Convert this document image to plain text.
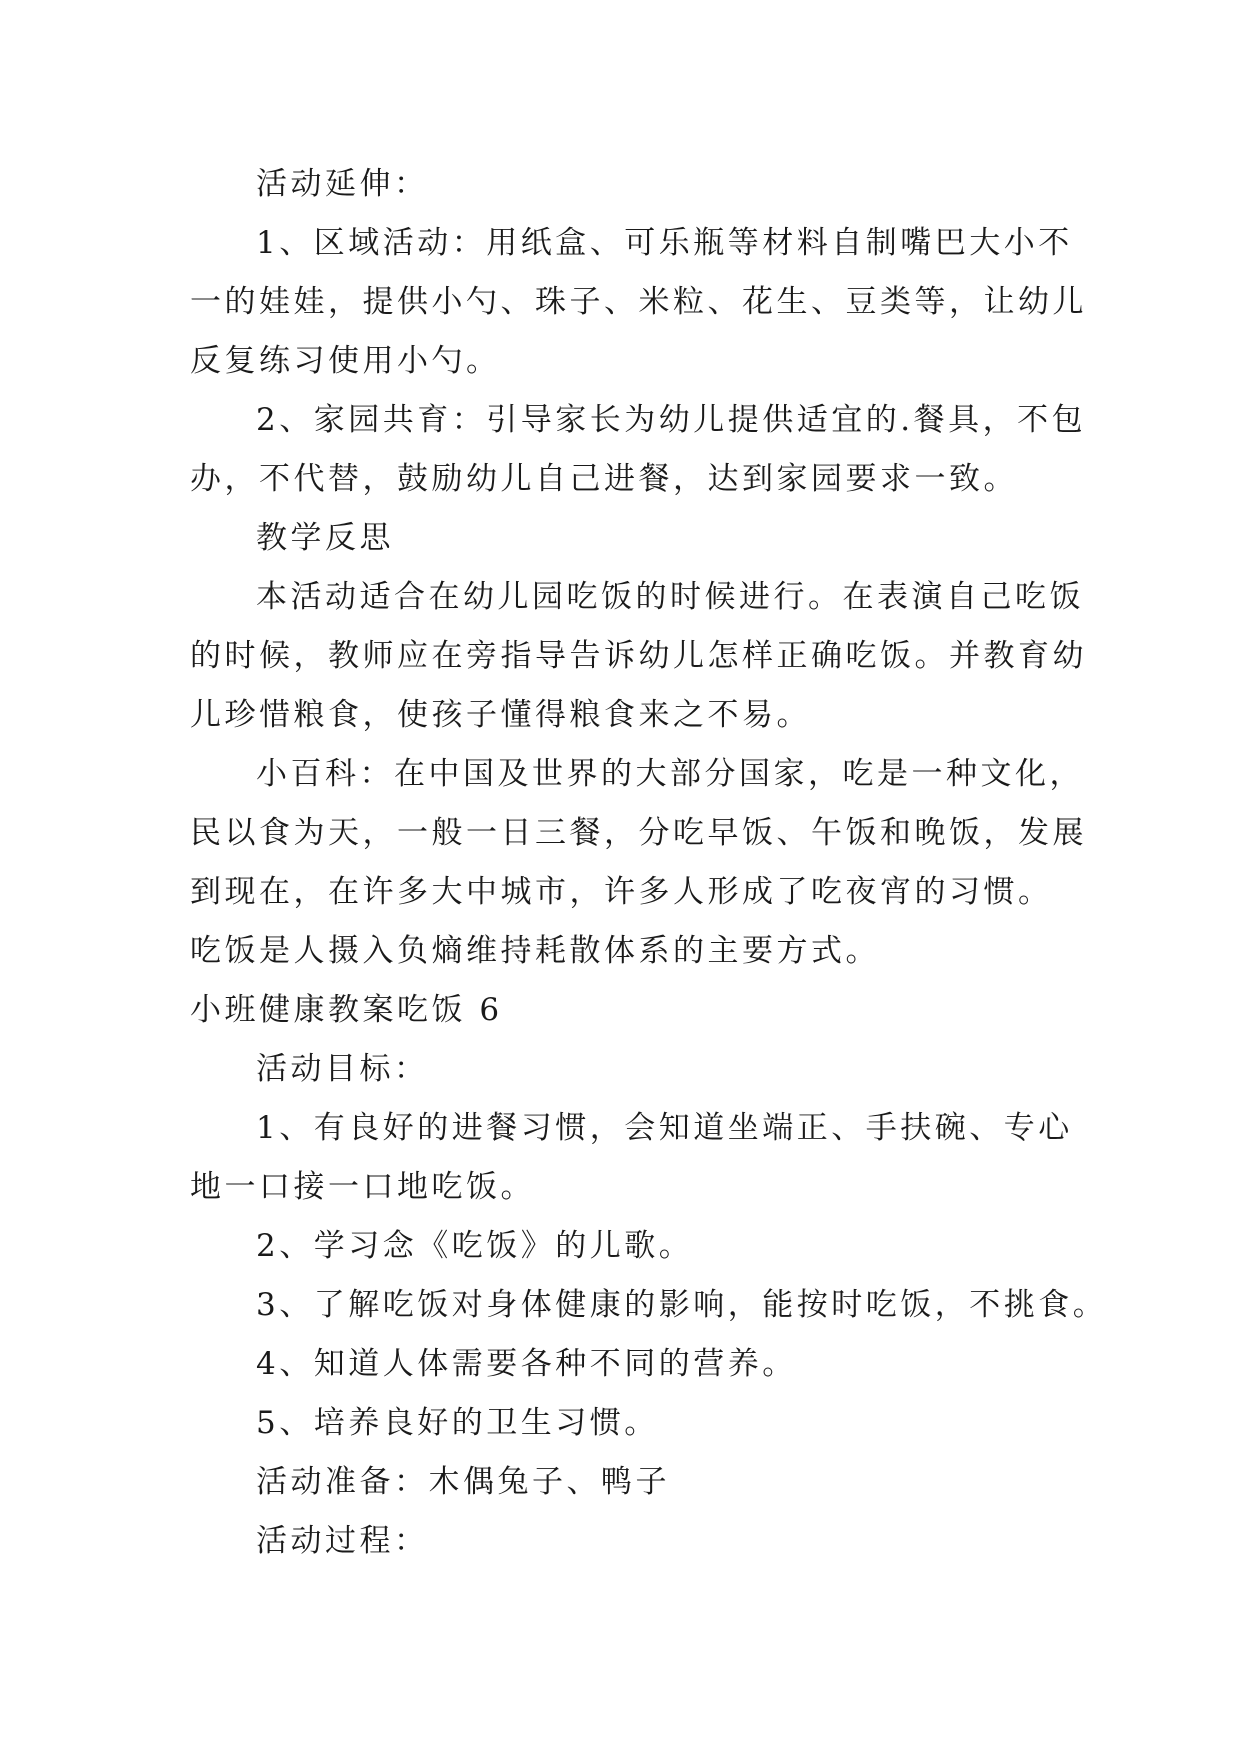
活动延伸：
1、区域活动：用纸盒、可乐瓶等材料自制嘴巴大小不
一的娃娃，提供小勺、珠子、米粒、花生、豆类等，让幼儿
反复练习使用小勺。
2、家园共育：引导家长为幼儿提供适宜的.餐具，不包
办，不代替，鼓励幼儿自己进餐，达到家园要求一致。
教学反思
本活动适合在幼儿园吃饭的时候进行。在表演自己吃饭
的时候，教师应在旁指导告诉幼儿怎样正确吃饭。并教育幼
儿珍惜粮食，使孩子懂得粮食来之不易。
小百科：在中国及世界的大部分国家，吃是一种文化，
民以食为天，一般一日三餐，分吃早饭、午饭和晚饭，发展
到现在，在许多大中城市，许多人形成了吃夜宵的习惯。
吃饭是人摄入负熵维持耗散体系的主要方式。
小班健康教案吃饭 6
活动目标：
1、有良好的进餐习惯，会知道坐端正、手扶碗、专心
地一口接一口地吃饭。
2、学习念《吃饭》的儿歌。
3、了解吃饭对身体健康的影响，能按时吃饭，不挑食。
4、知道人体需要各种不同的营养。
5、培养良好的卫生习惯。
活动准备：木偶兔子、鸭子
活动过程：
